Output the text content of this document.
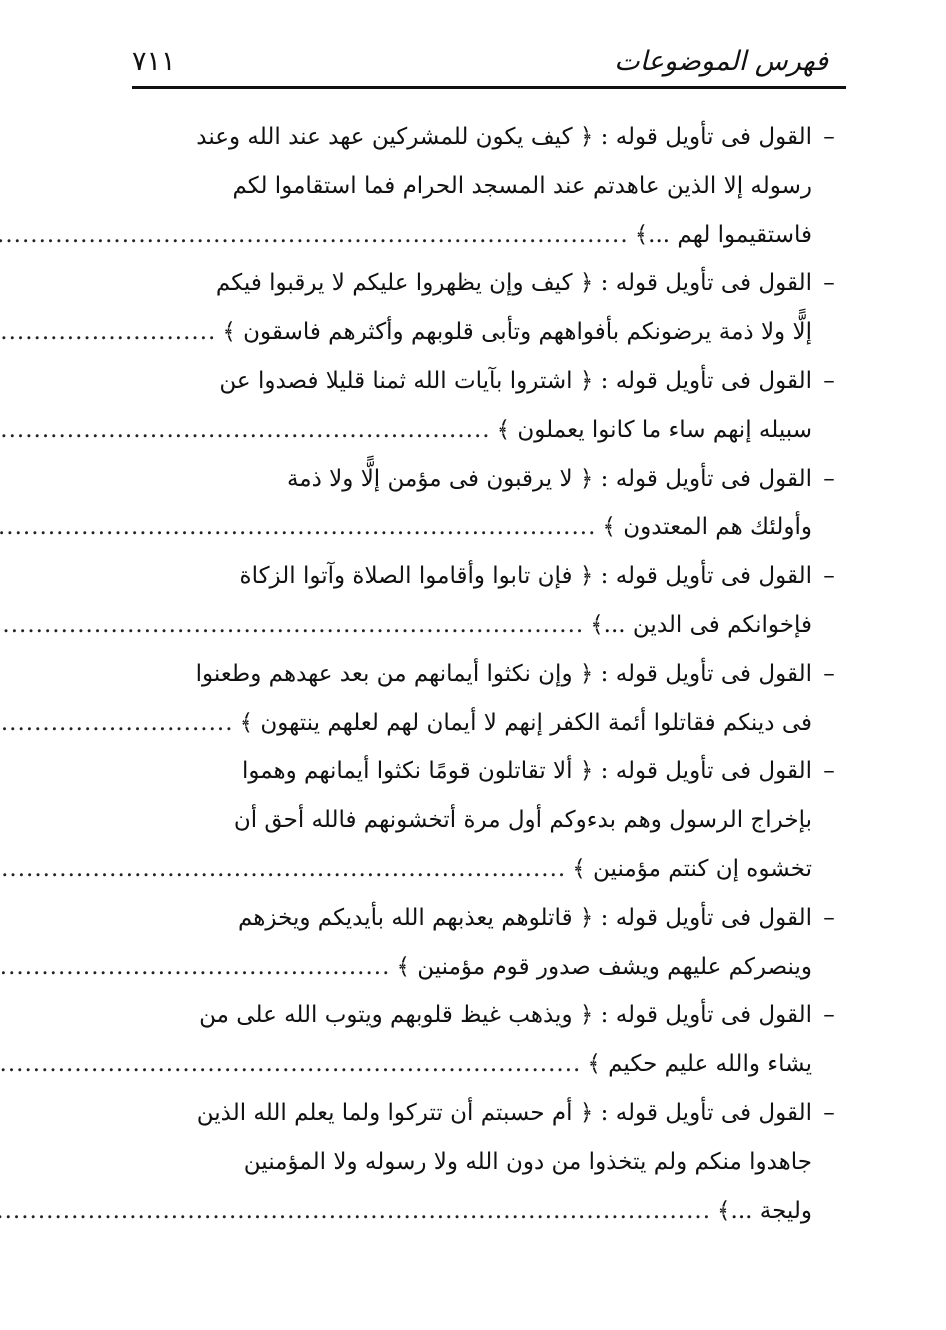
٧١١	فهرس الموضوعات
–
القول فى تأويل قوله : ﴿ كيف يكون للمشركين عهد عند الله وعند
رسوله إلا الذين عاهدتم عند المسجد الحرام فما استقاموا لكم
فاستقيموا لهم ...﴾
.....
–
القول فى تأويل قوله : ﴿ كيف وإن يظهروا عليكم لا يرقبوا فيكم
إلًّا ولا ذمة يرضونكم بأفواههم وتأبى قلوبهم وأكثرهم فاسقون ﴾
.....
–
القول فى تأويل قوله : ﴿ اشتروا بآيات الله ثمنا قليلا فصدوا عن
سبيله إنهم ساء ما كانوا يعملون ﴾
.....
–
القول فى تأويل قوله : ﴿ لا يرقبون فى مؤمن إلًّا ولا ذمة
وأولئك هم المعتدون ﴾
.....
–
القول فى تأويل قوله : ﴿ فإن تابوا وأقاموا الصلاة وآتوا الزكاة
فإخوانكم فى الدين ...﴾
.....
–
القول فى تأويل قوله : ﴿ وإن نكثوا أيمانهم من بعد عهدهم وطعنوا
فى دينكم فقاتلوا أئمة الكفر إنهم لا أيمان لهم لعلهم ينتهون ﴾
.....
–
القول فى تأويل قوله : ﴿ ألا تقاتلون قومًا نكثوا أيمانهم وهموا
بإخراج الرسول وهم بدءوكم أول مرة أتخشونهم فالله أحق أن
تخشوه إن كنتم مؤمنين ﴾
.....
–
القول فى تأويل قوله : ﴿ قاتلوهم يعذبهم الله بأيديكم ويخزهم
وينصركم عليهم ويشف صدور قوم مؤمنين ﴾
.....
–
القول فى تأويل قوله : ﴿ ويذهب غيظ قلوبهم ويتوب الله على من
يشاء والله عليم حكيم ﴾
.....
–
القول فى تأويل قوله : ﴿ أم حسبتم أن تتركوا ولما يعلم الله الذين
جاهدوا منكم ولم يتخذوا من دون الله ولا رسوله ولا المؤمنين
وليجة ...﴾
.....
